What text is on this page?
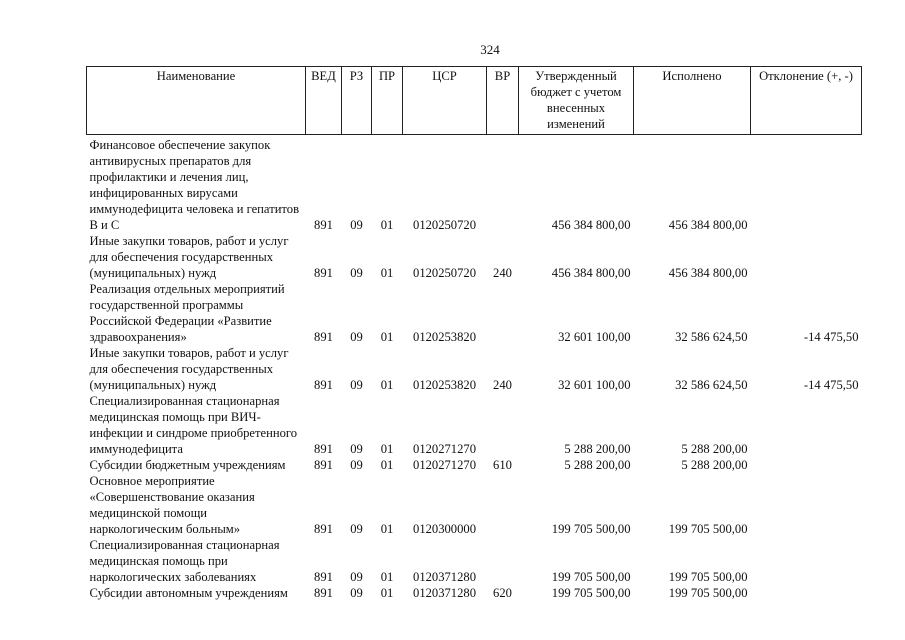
324
Наименование	ВЕД	РЗ	ПР	ЦСР	ВР	Утвержденный бюджет с учетом внесенных изменений	Исполнено	Отклонение (+, -)

Финансовое обеспечение закупок антивирусных препаратов для профилактики и лечения лиц, инфицированных вирусами иммунодефицита человека и гепатитов В и С	891	09	01	0120250720		456 384 800,00	456 384 800,00	
Иные закупки товаров, работ и услуг для обеспечения государственных (муниципальных) нужд	891	09	01	0120250720	240	456 384 800,00	456 384 800,00	
Реализация отдельных мероприятий государственной программы Российской Федерации «Развитие здравоохранения»	891	09	01	0120253820		32 601 100,00	32 586 624,50	-14 475,50
Иные закупки товаров, работ и услуг для обеспечения государственных (муниципальных) нужд	891	09	01	0120253820	240	32 601 100,00	32 586 624,50	-14 475,50
Специализированная стационарная медицинская помощь при ВИЧ-инфекции и синдроме приобретенного иммунодефицита	891	09	01	0120271270		5 288 200,00	5 288 200,00	
Субсидии бюджетным учреждениям	891	09	01	0120271270	610	5 288 200,00	5 288 200,00	
Основное мероприятие «Совершенствование оказания медицинской помощи наркологическим больным»	891	09	01	0120300000		199 705 500,00	199 705 500,00	
Специализированная стационарная медицинская помощь при наркологических заболеваниях	891	09	01	0120371280		199 705 500,00	199 705 500,00	
Субсидии автономным учреждениям	891	09	01	0120371280	620	199 705 500,00	199 705 500,00	
